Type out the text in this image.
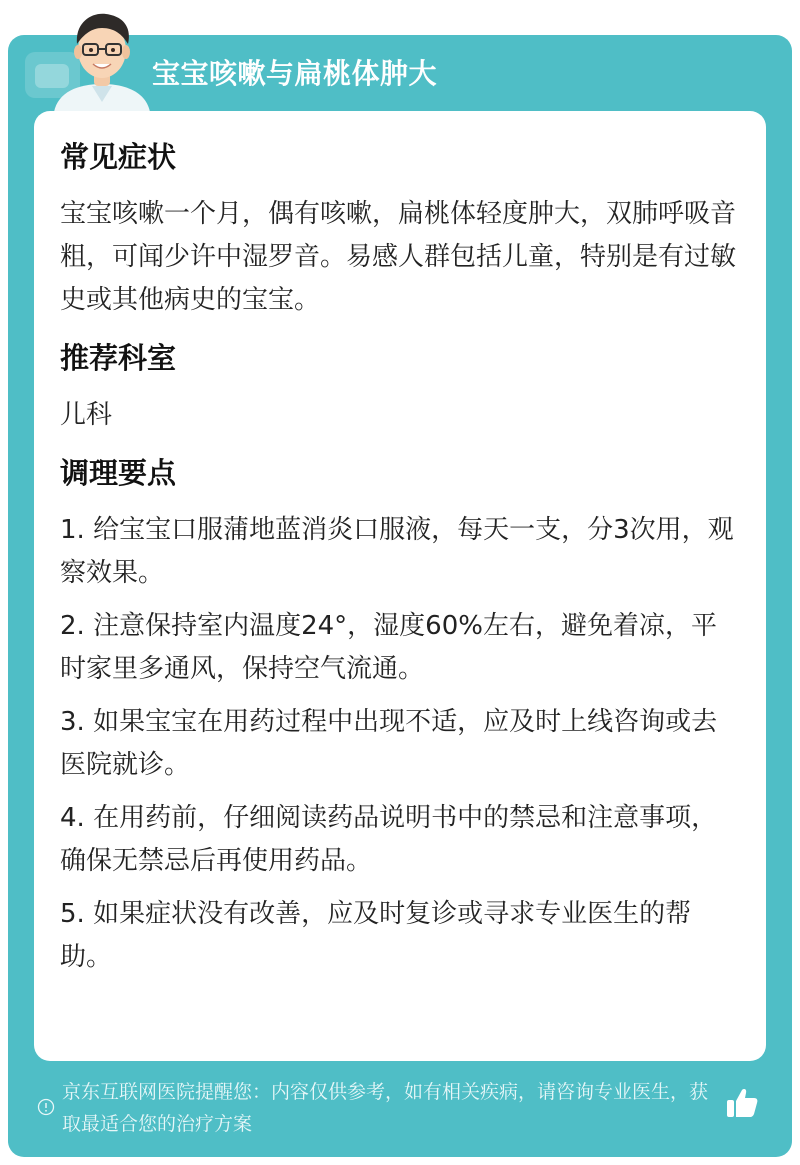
宝宝咳嗽与扁桃体肿大
常见症状

宝宝咳嗽一个月，偶有咳嗽，扁桃体轻度肿大，双肺呼吸音粗，可闻少许中湿罗音。易感人群包括儿童，特别是有过敏史或其他病史的宝宝。

推荐科室

儿科

调理要点

1. 给宝宝口服蒲地蓝消炎口服液，每天一支，分3次用，观察效果。

2. 注意保持室内温度24°，湿度60%左右，避免着凉，平时家里多通风，保持空气流通。

3. 如果宝宝在用药过程中出现不适，应及时上线咨询或去医院就诊。

4. 在用药前，仔细阅读药品说明书中的禁忌和注意事项，确保无禁忌后再使用药品。

5. 如果症状没有改善，应及时复诊或寻求专业医生的帮助。

京东互联网医院提醒您：内容仅供参考，如有相关疾病，请咨询专业医生，获取最适合您的治疗方案
